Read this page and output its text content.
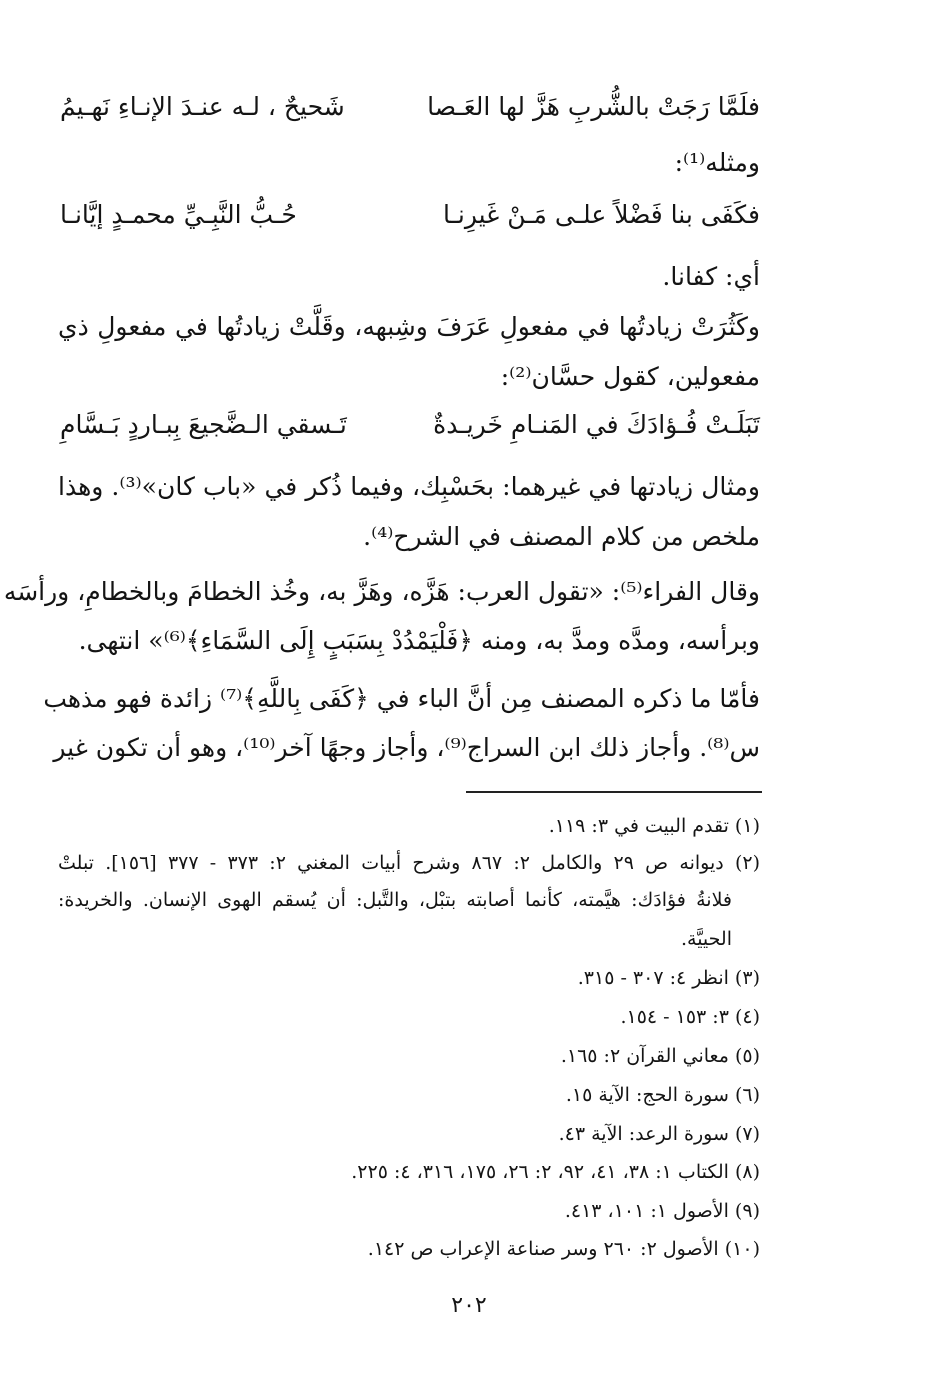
فلَمَّا رَجَتْ بالشُّربِ هَزَّ لها العَـصا
شَحيحٌ ، لـه عنـدَ الإنـاءِ نَهـيمُ
ومثله⁽¹⁾:
فكَفَى بنا فَضْلاً علـى مَـنْ غَيرِنـا
حُـبُّ النَّبِـيِّ محمـدٍ إيَّانـا
أي: كفانا.
وكَثُرَتْ زيادتُها في مفعولِ عَرَفَ وشِبهه، وقَلَّتْ زيادتُها في مفعولِ ذي
مفعولين، كقول حسَّان⁽²⁾:
تَبَلَـتْ فُـؤادَكَ في المَنـامِ خَريـدةٌ
تَـسقي الـضَّجيعَ بِبـاردٍ بَـسَّامِ
ومثال زيادتها في غيرهما: بحَسْبِك، وفيما ذُكر في «باب كان»⁽³⁾. وهذا
ملخص من كلام المصنف في الشرح⁽⁴⁾.
وقال الفراء⁽⁵⁾: «تقول العرب: هَزَّه، وهَزَّ به، وخُذ الخطامَ وبالخطامِ، ورأسَه
وبرأسه، ومدَّه ومدَّ به، ومنه ﴿فَلْيَمْدُدْ بِسَبَبٍ إِلَى السَّمَاءِ﴾⁽⁶⁾» انتهى.
فأمّا ما ذكره المصنف مِن أنَّ الباء في ﴿كَفَى بِاللَّهِ﴾⁽⁷⁾ زائدة فهو مذهب
س⁽⁸⁾. وأجاز ذلك ابن السراج⁽⁹⁾، وأجاز وجهًا آخر⁽¹⁰⁾، وهو أن تكون غير
(١) تقدم البيت في ٣: ١١٩.
(٢) ديوانه ص ٢٩ والكامل ٢: ٨٦٧ وشرح أبيات المغني ٢: ٣٧٣ - ٣٧٧ [١٥٦]. تبلتْ
فلانةُ فؤادَك: هيَّمته، كأنما أصابته بتبْل، والتَّبل: أن يُسقم الهوى الإنسان. والخريدة:
الحييَّة.
(٣) انظر ٤: ٣٠٧ - ٣١٥.
(٤) ٣: ١٥٣ - ١٥٤.
(٥) معاني القرآن ٢: ١٦٥.
(٦) سورة الحج: الآية ١٥.
(٧) سورة الرعد: الآية ٤٣.
(٨) الكتاب ١: ٣٨، ٤١، ٩٢، ٢: ٢٦، ١٧٥، ٣١٦، ٤: ٢٢٥.
(٩) الأصول ١: ١٠١، ٤١٣.
(١٠) الأصول ٢: ٢٦٠ وسر صناعة الإعراب ص ١٤٢.
٢٠٢
